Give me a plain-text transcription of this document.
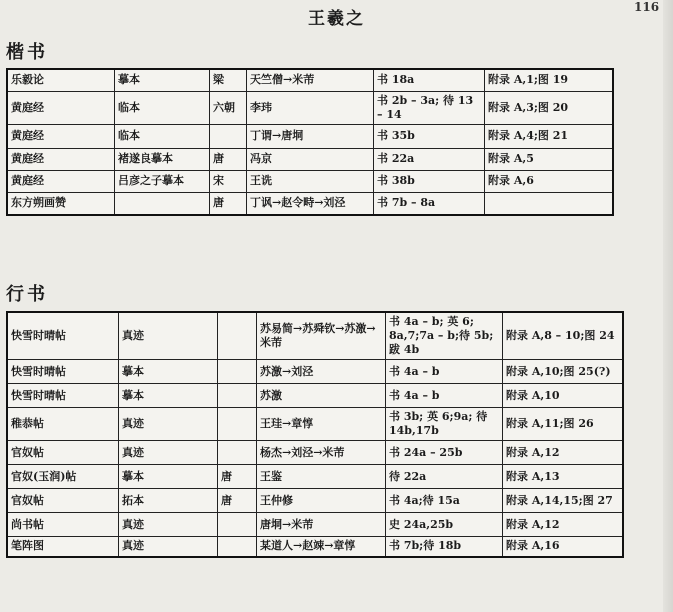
116
王羲之
楷书
乐毅论	摹本	梁	天竺僧→米芾	书 18a	附录 A,1;图 19
黄庭经	临本	六朝	李玮	书 2b – 3a; 待 13 – 14	附录 A,3;图 20
黄庭经	临本		丁谓→唐垌	书 35b	附录 A,4;图 21
黄庭经	褚遂良摹本	唐	冯京	书 22a	附录 A,5
黄庭经	吕彦之子摹本	宋	王诜	书 38b	附录 A,6
东方朔画赞		唐	丁讽→赵令畤→刘泾	书 7b – 8a	
行书
快雪时晴帖	真迹		苏易简→苏舜钦→苏激→米芾	书 4a – b; 英 6; 8a,7;7a – b;待 5b;跋 4b	附录 A,8 – 10;图 24
快雪时晴帖	摹本		苏激→刘泾	书 4a – b	附录 A,10;图 25(?)
快雪时晴帖	摹本		苏激	书 4a – b	附录 A,10
稚恭帖	真迹		王珪→章惇	书 3b; 英 6;9a; 待 14b,17b	附录 A,11;图 26
官奴帖	真迹		杨杰→刘泾→米芾	书 24a – 25b	附录 A,12
官奴(玉润)帖	摹本	唐	王鉴	待 22a	附录 A,13
官奴帖	拓本	唐	王仲修	书 4a;待 15a	附录 A,14,15;图 27
尚书帖	真迹		唐垌→米芾	史 24a,25b	附录 A,12
笔阵图	真迹		某道人→赵竦→章惇	书 7b;待 18b	附录 A,16
